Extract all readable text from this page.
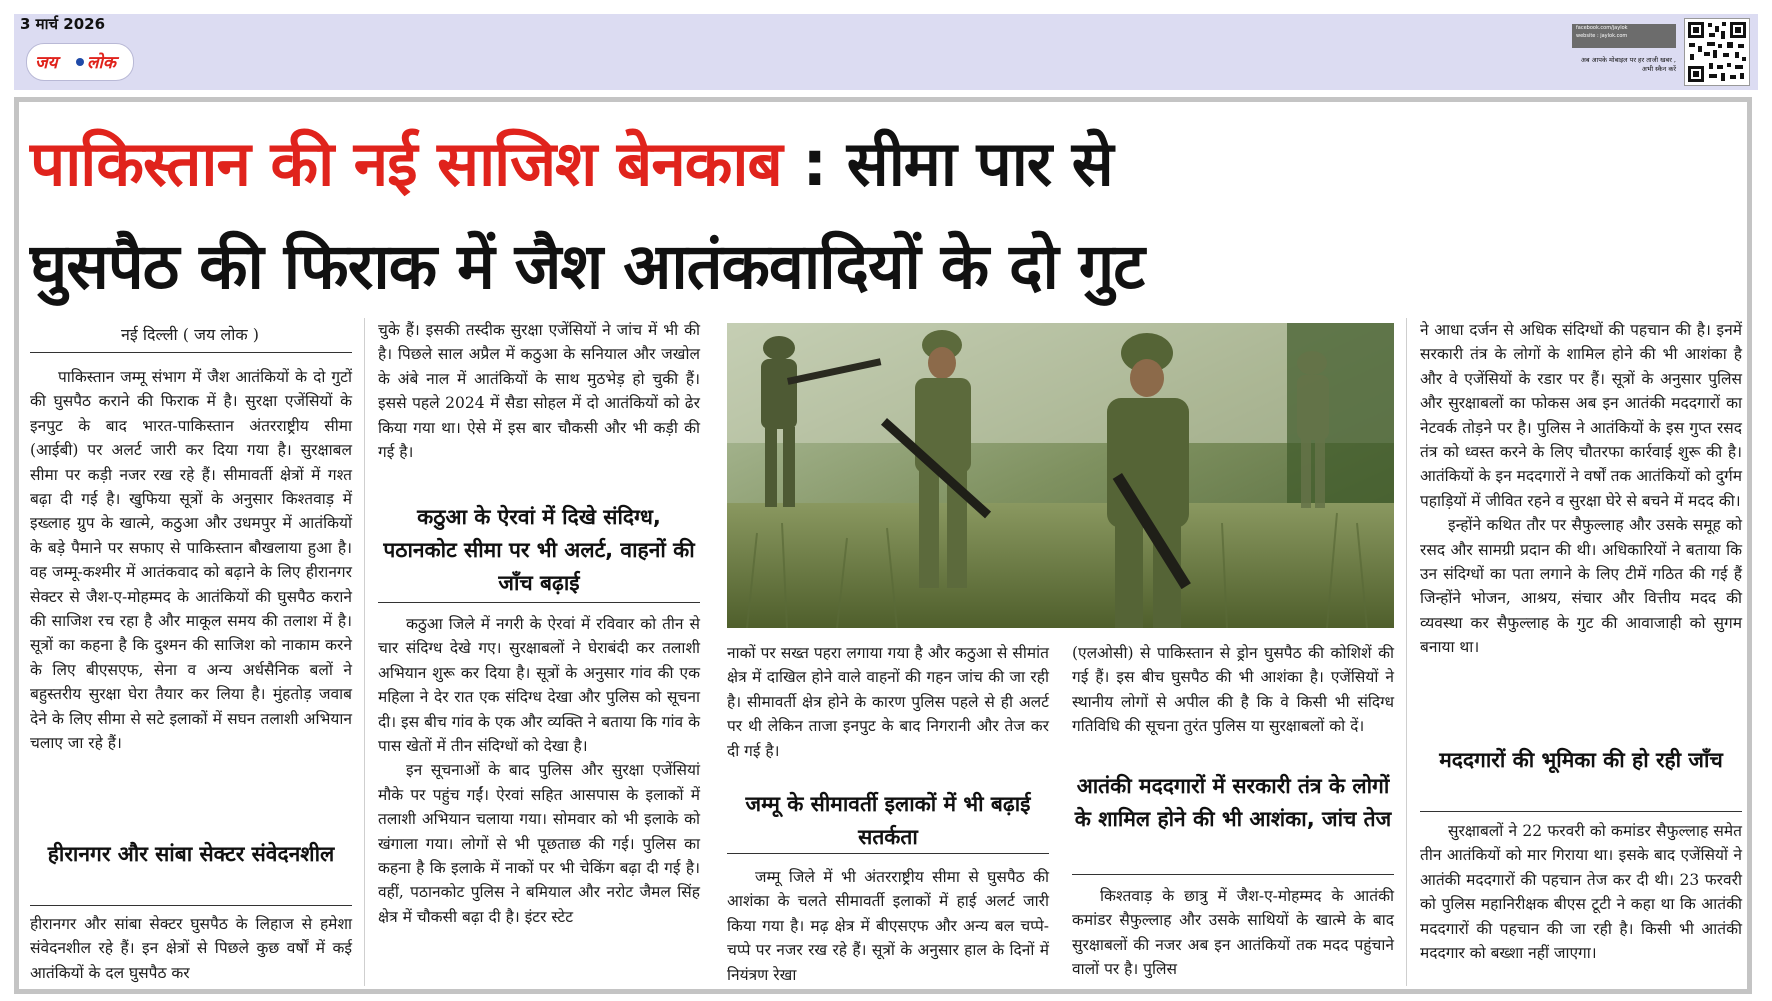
3 मार्च 2026
जय लोक
facebook.com/jaylok
website : jaylok.com
अब आपके मोबाइल पर हर ताजी खबर , अभी स्कैन करें
पाकिस्तान की नई साजिश बेनकाब : सीमा पार से
घुसपैठ की फिराक में जैश आतंकवादियों के दो गुट
नई दिल्ली ( जय लोक )

पाकिस्तान जम्मू संभाग में जैश आतंकियों के दो गुटों की घुसपैठ कराने की फिराक में है। सुरक्षा एजेंसियों के इनपुट के बाद भारत-पाकिस्तान अंतरराष्ट्रीय सीमा (आईबी) पर अलर्ट जारी कर दिया गया है। सुरक्षाबल सीमा पर कड़ी नजर रख रहे हैं। सीमावर्ती क्षेत्रों में गश्त बढ़ा दी गई है। खुफिया सूत्रों के अनुसार किश्तवाड़ में इख्लाह ग्रुप के खात्मे, कठुआ और उधमपुर में आतंकियों के बड़े पैमाने पर सफाए से पाकिस्तान बौखलाया हुआ है। वह जम्मू-कश्मीर में आतंकवाद को बढ़ाने के लिए हीरानगर सेक्टर से जैश-ए-मोहम्मद के आतंकियों की घुसपैठ कराने की साजिश रच रहा है और माकूल समय की तलाश में है। सूत्रों का कहना है कि दुश्मन की साजिश को नाकाम करने के लिए बीएसएफ, सेना व अन्य अर्धसैनिक बलों ने बहुस्तरीय सुरक्षा घेरा तैयार कर लिया है। मुंहतोड़ जवाब देने के लिए सीमा से सटे इलाकों में सघन तलाशी अभियान चलाए जा रहे हैं।

हीरानगर और सांबा सेक्टर संवेदनशील
हीरानगर और सांबा सेक्टर घुसपैठ के लिहाज से हमेशा संवेदनशील रहे हैं। इन क्षेत्रों से पिछले कुछ वर्षों में कई आतंकियों के दल घुसपैठ कर
चुके हैं। इसकी तस्दीक सुरक्षा एजेंसियों ने जांच में भी की है। पिछले साल अप्रैल में कठुआ के सनियाल और जखोल के अंबे नाल में आतंकियों के साथ मुठभेड़ हो चुकी हैं। इससे पहले 2024 में सैडा सोहल में दो आतंकियों को ढेर किया गया था। ऐसे में इस बार चौकसी और भी कड़ी की गई है।
कठुआ के ऐरवां में दिखे संदिग्ध, पठानकोट सीमा पर भी अलर्ट, वाहनों की जाँच बढ़ाई

कठुआ जिले में नगरी के ऐरवां में रविवार को तीन से चार संदिग्ध देखे गए। सुरक्षाबलों ने घेराबंदी कर तलाशी अभियान शुरू कर दिया है। सूत्रों के अनुसार गांव की एक महिला ने देर रात एक संदिग्ध देखा और पुलिस को सूचना दी। इस बीच गांव के एक और व्यक्ति ने बताया कि गांव के पास खेतों में तीन संदिग्धों को देखा है।

इन सूचनाओं के बाद पुलिस और सुरक्षा एजेंसियां मौके पर पहुंच गईं। ऐरवां सहित आसपास के इलाकों में तलाशी अभियान चलाया गया। सोमवार को भी इलाके को खंगाला गया। लोगों से भी पूछताछ की गई। पुलिस का कहना है कि इलाके में नाकों पर भी चेकिंग बढ़ा दी गई है। वहीं, पठानकोट पुलिस ने बमियाल और नरोट जैमल सिंह क्षेत्र में चौकसी बढ़ा दी है। इंटर स्टेट

नाकों पर सख्त पहरा लगाया गया है और कठुआ से सीमांत क्षेत्र में दाखिल होने वाले वाहनों की गहन जांच की जा रही है। सीमावर्ती क्षेत्र होने के कारण पुलिस पहले से ही अलर्ट पर थी लेकिन ताजा इनपुट के बाद निगरानी और तेज कर दी गई है।
जम्मू के सीमावर्ती इलाकों में भी बढ़ाई सतर्कता

जम्मू जिले में भी अंतरराष्ट्रीय सीमा से घुसपैठ की आशंका के चलते सीमावर्ती इलाकों में हाई अलर्ट जारी किया गया है। मढ़ क्षेत्र में बीएसएफ और अन्य बल चप्पे-चप्पे पर नजर रख रहे हैं। सूत्रों के अनुसार हाल के दिनों में नियंत्रण रेखा

(एलओसी) से पाकिस्तान से ड्रोन घुसपैठ की कोशिशें की गई हैं। इस बीच घुसपैठ की भी आशंका है। एजेंसियों ने स्थानीय लोगों से अपील की है कि वे किसी भी संदिग्ध गतिविधि की सूचना तुरंत पुलिस या सुरक्षाबलों को दें।
आतंकी मददगारों में सरकारी तंत्र के लोगों के शामिल होने की भी आशंका, जांच तेज

किश्तवाड़ के छात्रु में जैश-ए-मोहम्मद के आतंकी कमांडर सैफुल्लाह और उसके साथियों के खात्मे के बाद सुरक्षाबलों की नजर अब इन आतंकियों तक मदद पहुंचाने वालों पर है। पुलिस

ने आधा दर्जन से अधिक संदिग्धों की पहचान की है। इनमें सरकारी तंत्र के लोगों के शामिल होने की भी आशंका है और वे एजेंसियों के रडार पर हैं। सूत्रों के अनुसार पुलिस और सुरक्षाबलों का फोकस अब इन आतंकी मददगारों का नेटवर्क तोड़ने पर है। पुलिस ने आतंकियों के इस गुप्त रसद तंत्र को ध्वस्त करने के लिए चौतरफा कार्रवाई शुरू की है। आतंकियों के इन मददगारों ने वर्षों तक आतंकियों को दुर्गम पहाड़ियों में जीवित रहने व सुरक्षा घेरे से बचने में मदद की।

इन्होंने कथित तौर पर सैफुल्लाह और उसके समूह को रसद और सामग्री प्रदान की थी। अधिकारियों ने बताया कि उन संदिग्धों का पता लगाने के लिए टीमें गठित की गई हैं जिन्होंने भोजन, आश्रय, संचार और वित्तीय मदद की व्यवस्था कर सैफुल्लाह के गुट की आवाजाही को सुगम बनाया था।

मददगारों की भूमिका की हो रही जाँच

सुरक्षाबलों ने 22 फरवरी को कमांडर सैफुल्लाह समेत तीन आतंकियों को मार गिराया था। इसके बाद एजेंसियों ने आतंकी मददगारों की पहचान तेज कर दी थी। 23 फरवरी को पुलिस महानिरीक्षक बीएस टूटी ने कहा था कि आतंकी मददगारों की पहचान की जा रही है। किसी भी आतंकी मददगार को बख्शा नहीं जाएगा।
